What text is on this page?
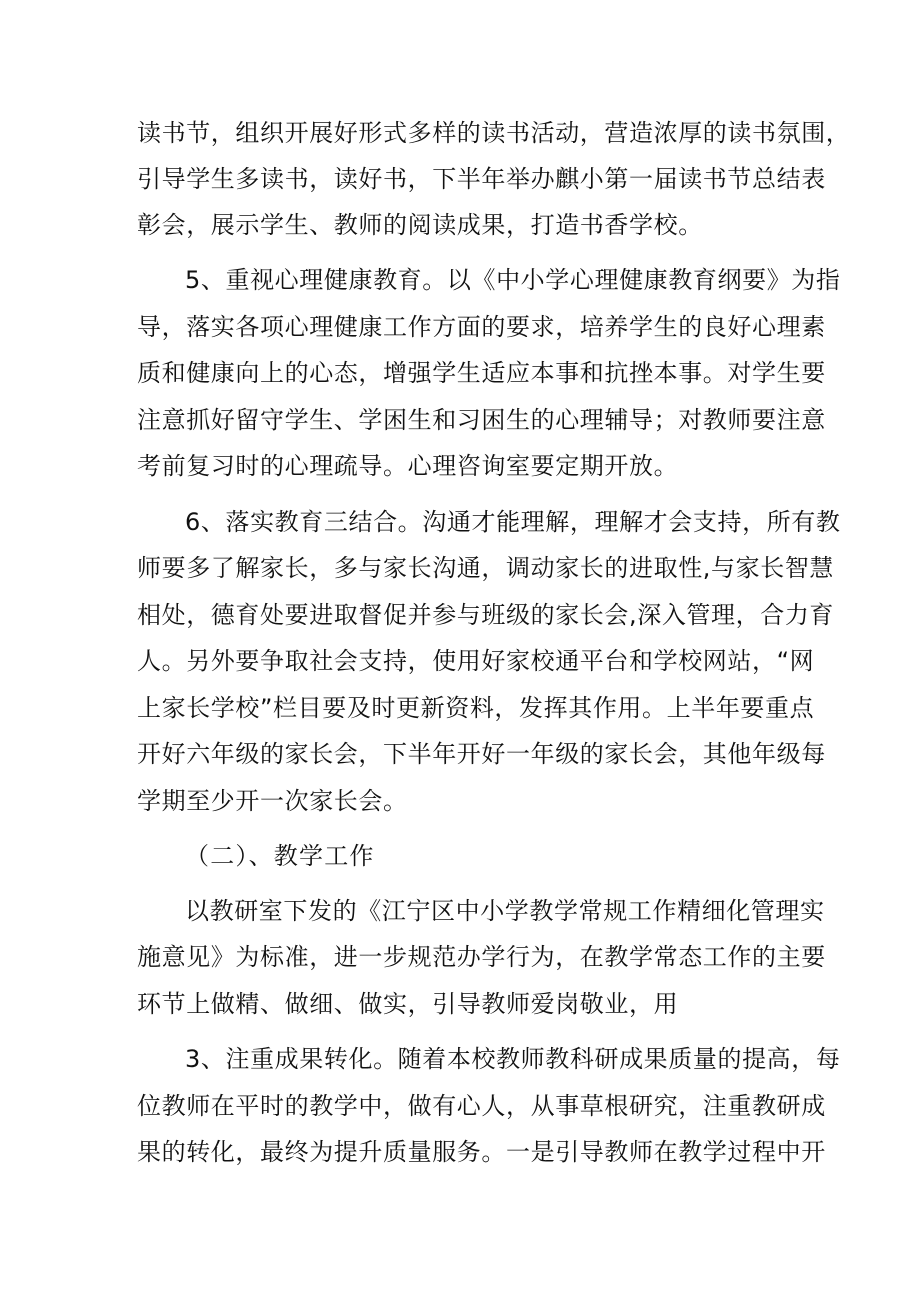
读书节，组织开展好形式多样的读书活动，营造浓厚的读书氛围，
引导学生多读书，读好书，下半年举办麒小第一届读书节总结表
彰会，展示学生、教师的阅读成果，打造书香学校。
5、重视心理健康教育。以《中小学心理健康教育纲要》为指
导，落实各项心理健康工作方面的要求，培养学生的良好心理素
质和健康向上的心态，增强学生适应本事和抗挫本事。对学生要
注意抓好留守学生、学困生和习困生的心理辅导；对教师要注意
考前复习时的心理疏导。心理咨询室要定期开放。
6、落实教育三结合。沟通才能理解，理解才会支持，所有教
师要多了解家长，多与家长沟通，调动家长的进取性,与家长智慧
相处，德育处要进取督促并参与班级的家长会,深入管理，合力育
人。另外要争取社会支持，使用好家校通平台和学校网站，“网
上家长学校”栏目要及时更新资料，发挥其作用。上半年要重点
开好六年级的家长会，下半年开好一年级的家长会，其他年级每
学期至少开一次家长会。
（二）、教学工作
以教研室下发的《江宁区中小学教学常规工作精细化管理实
施意见》为标准，进一步规范办学行为，在教学常态工作的主要
环节上做精、做细、做实，引导教师爱岗敬业，用
3、注重成果转化。随着本校教师教科研成果质量的提高，每
位教师在平时的教学中，做有心人，从事草根研究，注重教研成
果的转化，最终为提升质量服务。一是引导教师在教学过程中开
